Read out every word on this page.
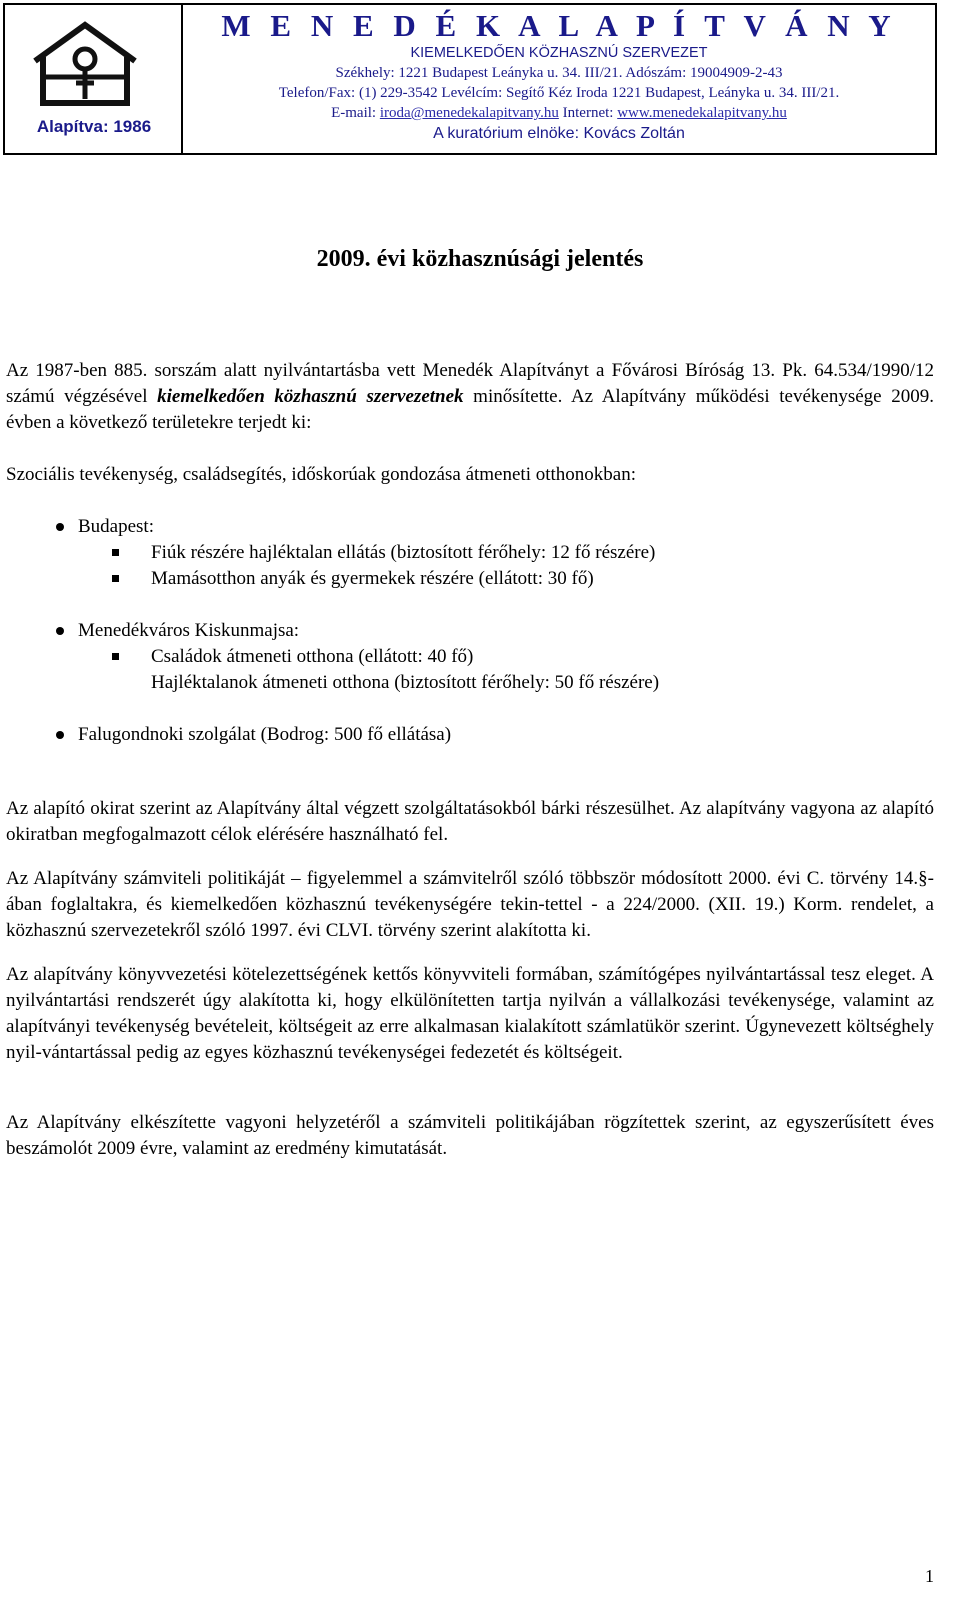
Alapítva: 1986
M E N E D É K A L A P Í T V Á N Y
KIEMELKEDŐEN KÖZHASZNÚ SZERVEZET
Székhely: 1221 Budapest Leányka u. 34. III/21. Adószám: 19004909-2-43
Telefon/Fax: (1) 229-3542 Levélcím: Segítő Kéz Iroda 1221 Budapest, Leányka u. 34. III/21.
E-mail: iroda@menedekalapitvany.hu Internet: www.menedekalapitvany.hu
A kuratórium elnöke: Kovács Zoltán
2009. évi közhasznúsági jelentés

Az 1987-ben 885. sorszám alatt nyilvántartásba vett Menedék Alapítványt a Fővárosi Bíróság 13. Pk. 64.534/1990/12 számú végzésével kiemelkedően közhasznú szervezetnek minősítette. Az Alapítvány működési tevékenysége 2009. évben a következő területekre terjedt ki:

Szociális tevékenység, családsegítés, időskorúak gondozása átmeneti otthonokban:

Budapest:
Fiúk részére hajléktalan ellátás (biztosított férőhely: 12 fő részére)
Mamásotthon anyák és gyermekek részére (ellátott: 30 fő)
Menedékváros Kiskunmajsa:
Családok átmeneti otthona (ellátott: 40 fő)
Hajléktalanok átmeneti otthona (biztosított férőhely: 50 fő részére)
Falugondnoki szolgálat (Bodrog: 500 fő ellátása)

Az alapító okirat szerint az Alapítvány által végzett szolgáltatásokból bárki részesülhet. Az alapítvány vagyona az alapító okiratban megfogalmazott célok elérésére használható fel.

Az Alapítvány számviteli politikáját – figyelemmel a számvitelről szóló többször módosított 2000. évi C. törvény 14.§-ában foglaltakra, és kiemelkedően közhasznú tevékenységére tekin-tettel - a 224/2000. (XII. 19.) Korm. rendelet, a közhasznú szervezetekről szóló 1997. évi CLVI. törvény szerint alakította ki.

Az alapítvány könyvvezetési kötelezettségének kettős könyvviteli formában, számítógépes nyilvántartással tesz eleget. A nyilvántartási rendszerét úgy alakította ki, hogy elkülönítetten tartja nyilván a vállalkozási tevékenysége, valamint az alapítványi tevékenység bevételeit, költségeit az erre alkalmasan kialakított számlatükör szerint. Úgynevezett költséghely nyil-vántartással pedig az egyes közhasznú tevékenységei fedezetét és költségeit.

Az Alapítvány elkészítette vagyoni helyzetéről a számviteli politikájában rögzítettek szerint, az egyszerűsített éves beszámolót 2009 évre, valamint az eredmény kimutatását.

1
